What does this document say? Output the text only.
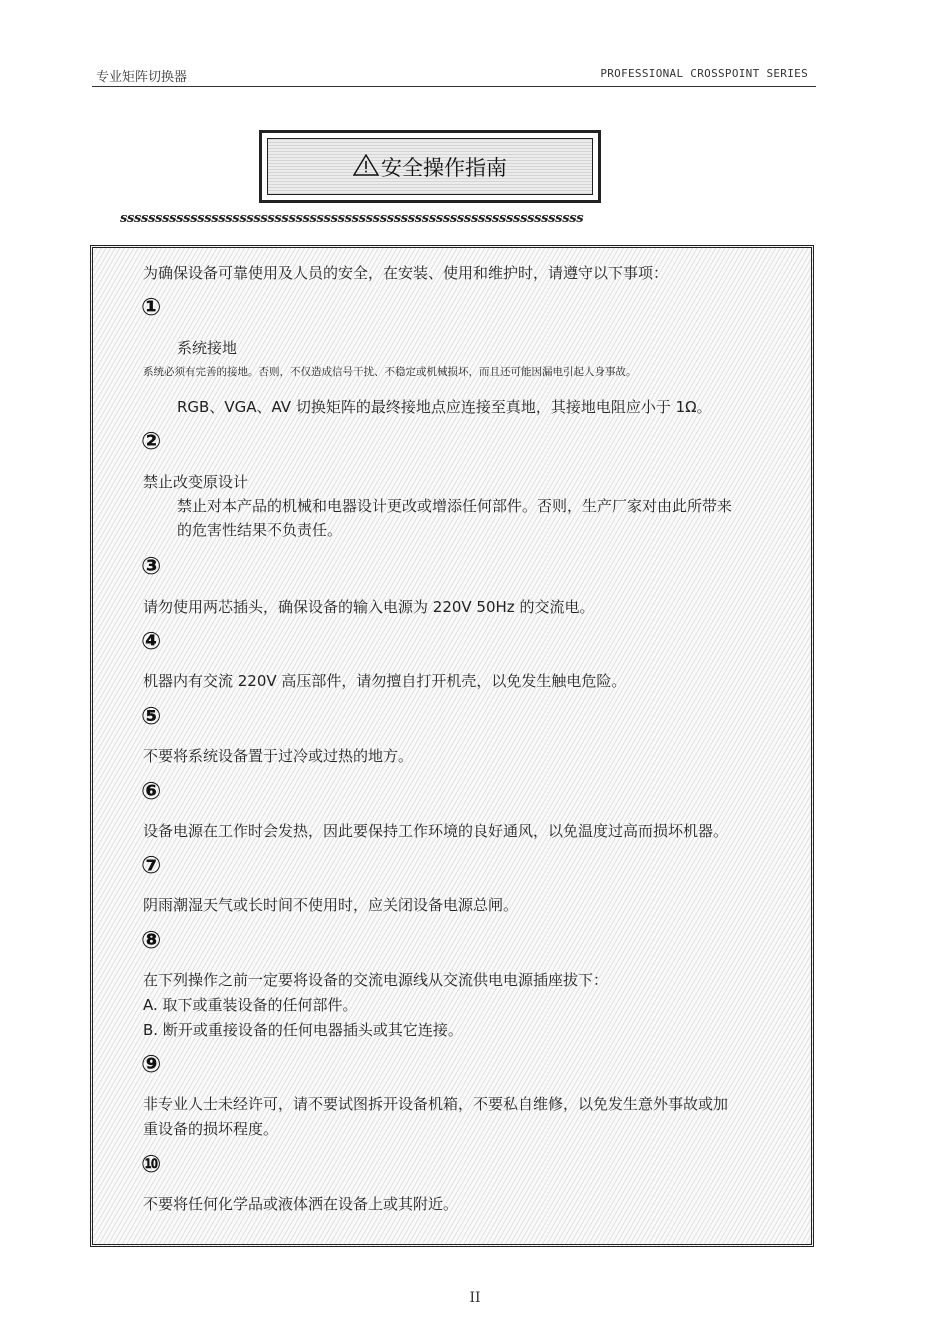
专业矩阵切换器	PROFESSIONAL CROSSPOINT SERIES
安全操作指南
ssssssssssssssssssssssssssssssssssssssssssssssssssssssssssssssssss
为确保设备可靠使用及人员的安全，在安装、使用和维护时，请遵守以下事项：
①
系统接地
系统必须有完善的接地。否则，不仅造成信号干扰、不稳定或机械损坏，而且还可能因漏电引起人身事故。
RGB、VGA、AV 切换矩阵的最终接地点应连接至真地，其接地电阻应小于 1Ω。
②
禁止改变原设计
禁止对本产品的机械和电器设计更改或增添任何部件。否则，生产厂家对由此所带来
的危害性结果不负责任。
③
请勿使用两芯插头，确保设备的输入电源为 220V 50Hz 的交流电。
④
机器内有交流 220V 高压部件，请勿擅自打开机壳，以免发生触电危险。
⑤
不要将系统设备置于过冷或过热的地方。
⑥
设备电源在工作时会发热，因此要保持工作环境的良好通风，以免温度过高而损坏机器。
⑦
阴雨潮湿天气或长时间不使用时，应关闭设备电源总闸。
⑧
在下列操作之前一定要将设备的交流电源线从交流供电电源插座拔下：
A. 取下或重装设备的任何部件。
B. 断开或重接设备的任何电器插头或其它连接。
⑨
非专业人士未经许可，请不要试图拆开设备机箱，不要私自维修，以免发生意外事故或加
重设备的损坏程度。
⑩
不要将任何化学品或液体洒在设备上或其附近。
II
